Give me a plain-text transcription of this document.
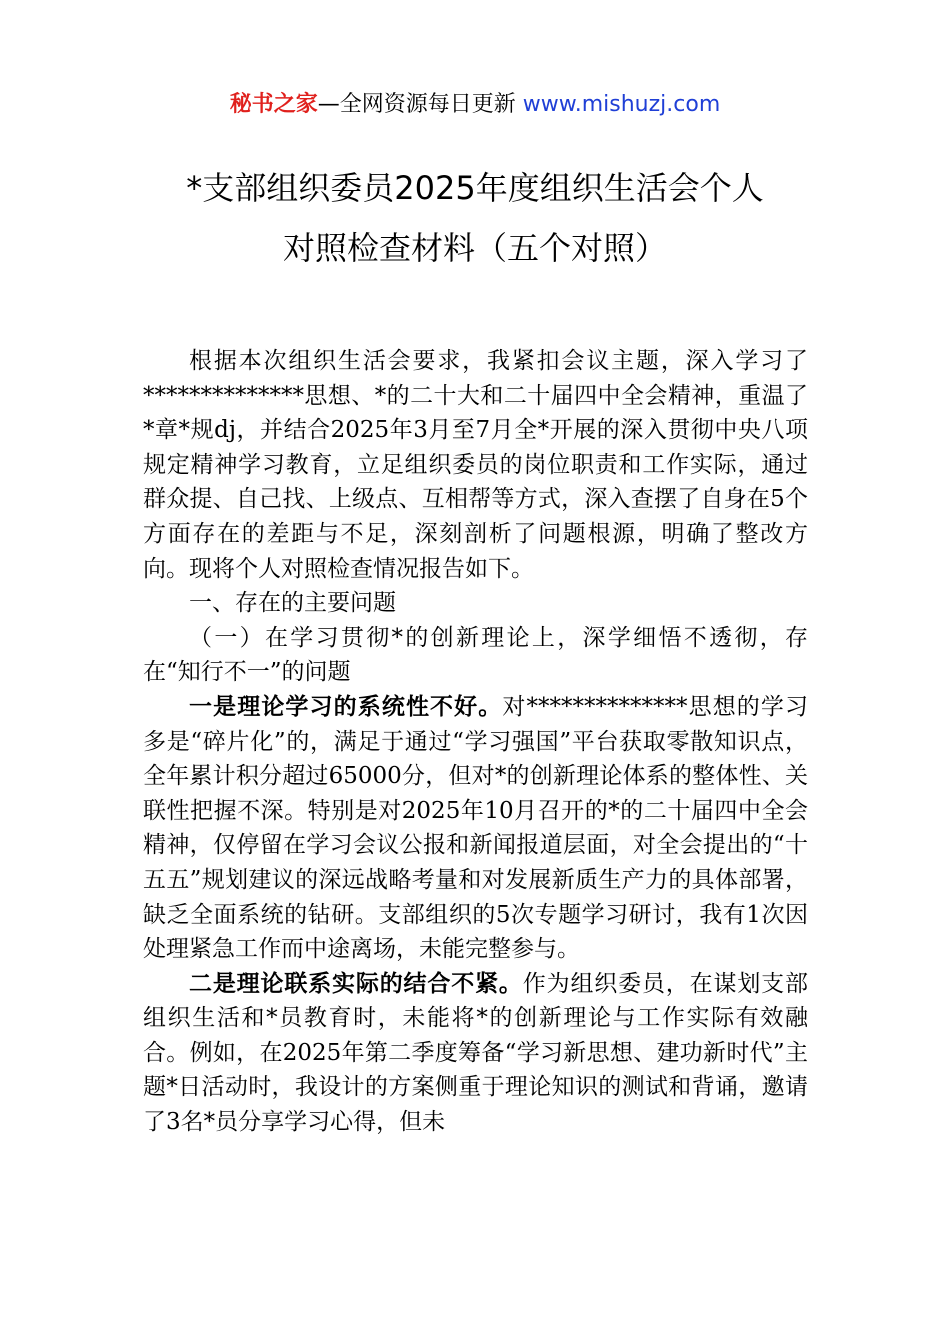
秘书之家—全网资源每日更新 www.mishuzj.com
*支部组织委员2025年度组织生活会个人
对照检查材料（五个对照）

根据本次组织生活会要求，我紧扣会议主题，深入学习了**************思想、*的二十大和二十届四中全会精神，重温了*章*规dj，并结合2025年3月至7月全*开展的深入贯彻中央八项规定精神学习教育，立足组织委员的岗位职责和工作实际，通过群众提、自己找、上级点、互相帮等方式，深入查摆了自身在5个方面存在的差距与不足，深刻剖析了问题根源，明确了整改方向。现将个人对照检查情况报告如下。

一、存在的主要问题

（一）在学习贯彻*的创新理论上，深学细悟不透彻，存在“知行不一”的问题

一是理论学习的系统性不好。对**************思想的学习多是“碎片化”的，满足于通过“学习强国”平台获取零散知识点，全年累计积分超过65000分，但对*的创新理论体系的整体性、关联性把握不深。特别是对2025年10月召开的*的二十届四中全会精神，仅停留在学习会议公报和新闻报道层面，对全会提出的“十五五”规划建议的深远战略考量和对发展新质生产力的具体部署，缺乏全面系统的钻研。支部组织的5次专题学习研讨，我有1次因处理紧急工作而中途离场，未能完整参与。

二是理论联系实际的结合不紧。作为组织委员，在谋划支部组织生活和*员教育时，未能将*的创新理论与工作实际有效融合。例如，在2025年第二季度筹备“学习新思想、建功新时代”主题*日活动时，我设计的方案侧重于理论知识的测试和背诵，邀请了3名*员分享学习心得，但未
